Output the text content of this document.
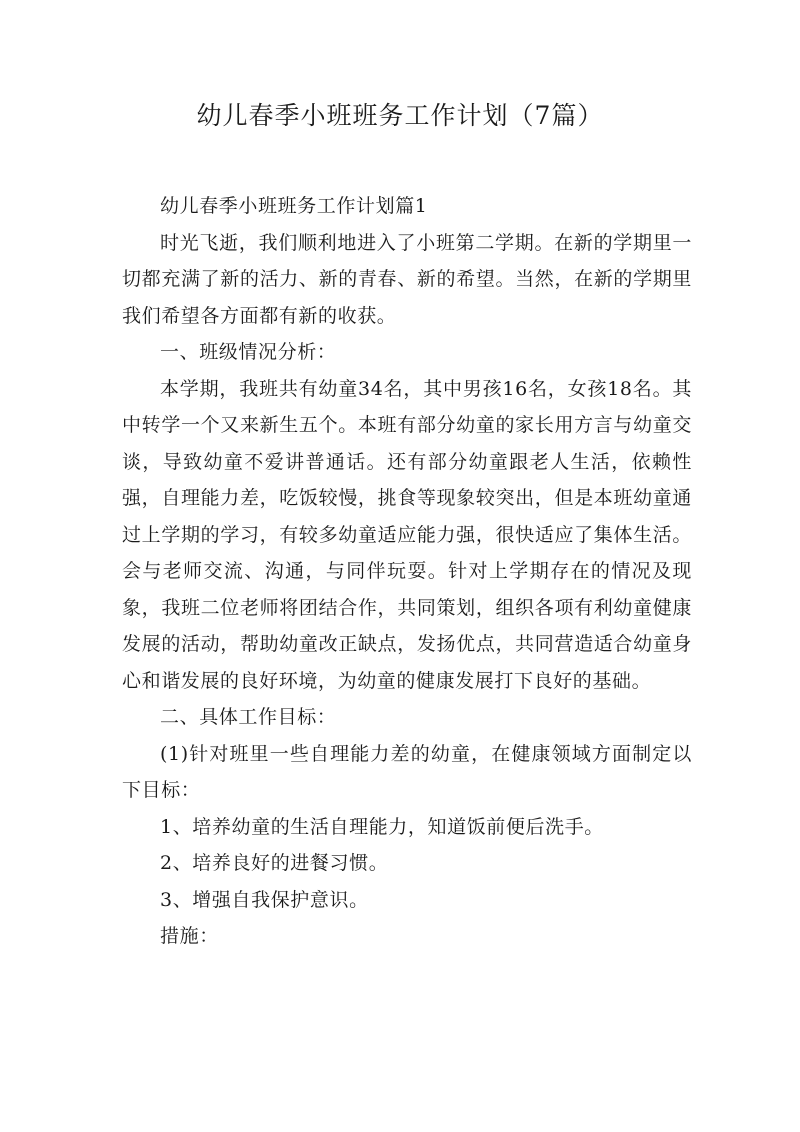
幼儿春季小班班务工作计划（7篇）

幼儿春季小班班务工作计划篇1

时光飞逝，我们顺利地进入了小班第二学期。在新的学期里一切都充满了新的活力、新的青春、新的希望。当然，在新的学期里我们希望各方面都有新的收获。

一、班级情况分析：

本学期，我班共有幼童34名，其中男孩16名，女孩18名。其中转学一个又来新生五个。本班有部分幼童的家长用方言与幼童交谈，导致幼童不爱讲普通话。还有部分幼童跟老人生活，依赖性强，自理能力差，吃饭较慢，挑食等现象较突出，但是本班幼童通过上学期的学习，有较多幼童适应能力强，很快适应了集体生活。会与老师交流、沟通，与同伴玩耍。针对上学期存在的情况及现象，我班二位老师将团结合作，共同策划，组织各项有利幼童健康发展的活动，帮助幼童改正缺点，发扬优点，共同营造适合幼童身心和谐发展的良好环境，为幼童的健康发展打下良好的基础。

二、具体工作目标：

(1)针对班里一些自理能力差的幼童，在健康领域方面制定以下目标：

1、培养幼童的生活自理能力，知道饭前便后洗手。

2、培养良好的进餐习惯。

3、增强自我保护意识。

措施：
